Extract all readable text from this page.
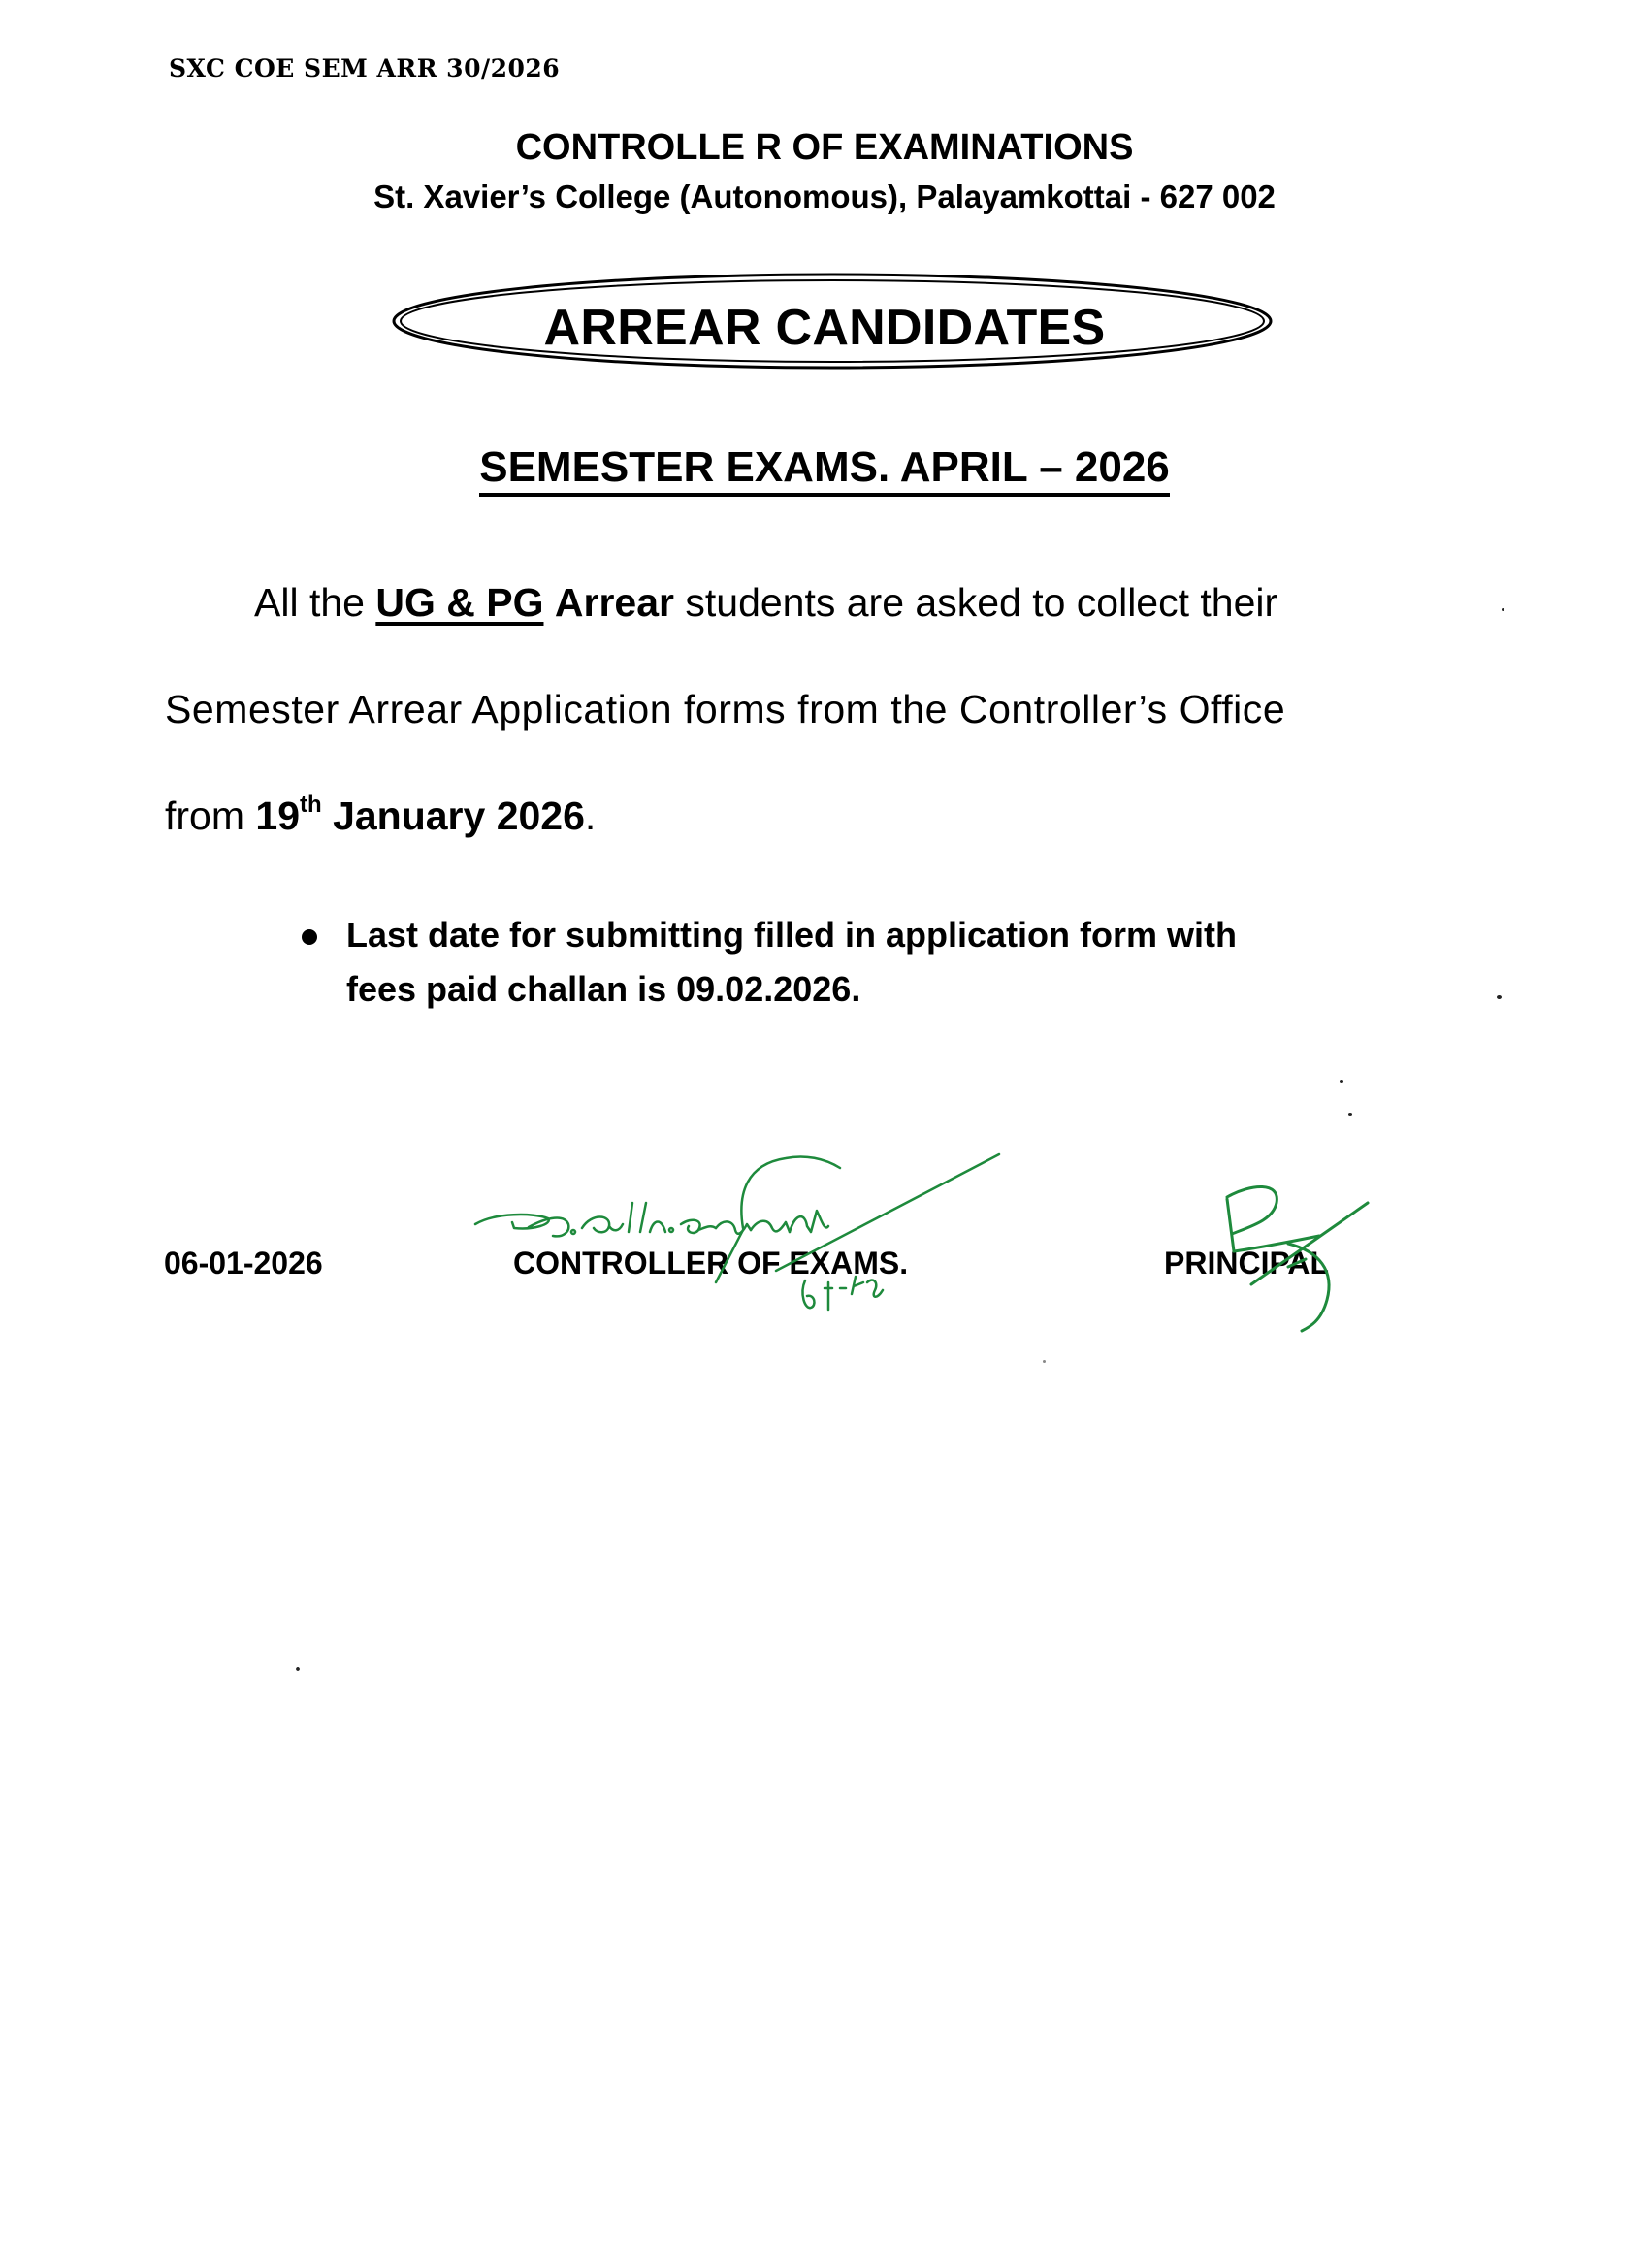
SXC COE SEM ARR 30/2026
CONTROLLE R OF EXAMINATIONS
St. Xavier’s College (Autonomous), Palayamkottai - 627 002
ARREAR CANDIDATES
SEMESTER EXAMS. APRIL – 2026
All the UG & PG Arrear students are asked to collect their
Semester Arrear Application forms from the Controller’s Office
from 19th January 2026.
Last date for submitting filled in application form with
fees paid challan is 09.02.2026.
06-01-2026	CONTROLLER OF EXAMS.	PRINCIPAL
